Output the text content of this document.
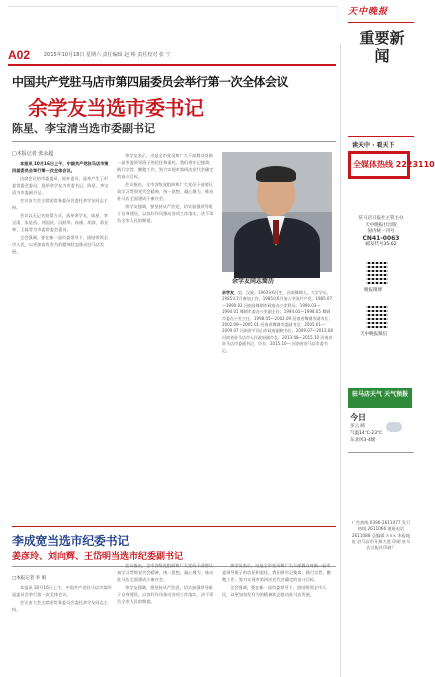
A02	2015年10月18日 星期六 责任编辑 赵 彬 责任校对 张 宁
中国共产党驻马店市第四届委员会举行第一次全体会议
余学友当选市委书记
陈星、李宝清当选市委副书记
□本报记者 张永超

本报讯 10月16日上午，中国共产党驻马店市第四届委员会举行第一次全体会议。

出席会议的市委委员、候补委员，选举产生了市委常委会委员，选举余学友为市委书记，陈星、李宝清为市委副书记。

会议由大会主席团常务委员会委托余学友同志主持。

会议以无记名投票方式，选举余学友、陈星、李宝清、朱是西、刘国庆、冯跃华、孙刚、胡涛、蒋长林、王磊等为市委常委会委员。

全会强调，要在新一届市委领导下，团结带领全市人民，以更加奋发有为的精神状态推动驻马店发展。

余学友表示，这是全市党员和广大干部群众对新一届市委领导班子的信任和重托。我们将牢记使命，践行宗旨，勤勉工作，努力实现市第四次党代会确定的奋斗目标。

会议指出，全市各级党组织和广大党员干部要认真学习贯彻党代会精神，统一思想，凝心聚力，推动驻马店全面建成小康社会。

余学友强调，要坚持从严治党，切实加强领导班子自身建设，以良好作风推动各项工作落实，决不辜负全市人民的期望。

余学友同志简历
余学友，男，汉族，1963年6月生，河南舞钢人，大学学历，1985年7月参加工作，1985年6月加入中国共产党。1985.07—1990.03 河南省舞钢市政府办公室科员；1990.03—1994.01 舞钢市委办公室副主任；1994.01—1998.05 舞钢市委办公室主任；1998.05—2002.09 河南省舞钢市副市长；2002.09—2005.01 河南省舞钢市委副书记；2005.01—2009.07 河南省平顶山市政府副秘书长；2009.07—2013.08 河南省驻马店市人民政府副市长；2013.08—2015.10 河南省驻马店市委副书记、市长；2015.10— 河南省驻马店市委书记。
李成宽当选市纪委书记
姜彦玲、刘向辉、王岱明当选市纪委副书记
□本报记者 李 娟

本报讯 10月16日上午，中国共产党驻马店市第四届委员会举行第一次全体会议。

会议由大会主席团常务委员会委托余学友同志主持。

会议指出，全市各级党组织和广大党员干部要认真学习贯彻党代会精神，统一思想，凝心聚力，推动驻马店全面建成小康社会。

余学友强调，要坚持从严治党，切实加强领导班子自身建设，以良好作风推动各项工作落实，决不辜负全市人民的期望。

余学友表示，这是全市党员和广大干部群众对新一届市委领导班子的信任和重托。我们将牢记使命，践行宗旨，勤勉工作，努力实现市第四次党代会确定的奋斗目标。

全会强调，要在新一届市委领导下，团结带领全市人民，以更加奋发有为的精神状态推动驻马店发展。

天中晚报
重要新闻
读天中 · 看天下
全媒体热线 2223110
驻马店日报社主管主办
天中晚报社出版
国内统一刊号
CN41-0063
邮发代号35-62
晚报微博
天中晚报微信
驻马店天气 天气预报
今日
多云 晴
气温14℃-23℃
东北风3-4级
广告热线 0396-2611077 发行热线 2611066 值班电话 2611088 总编辑 ××× 本报地址 驻马店市开源大道 印刷 驻马店日报社印刷厂
